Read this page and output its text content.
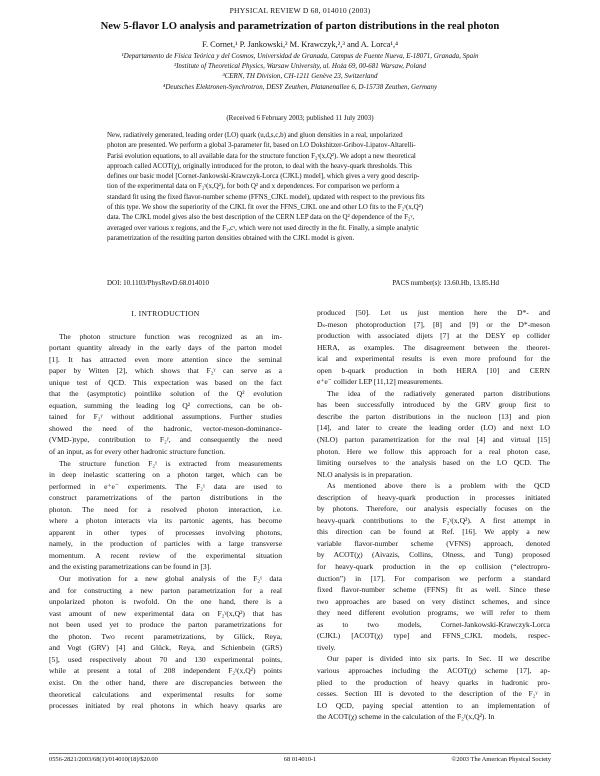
PHYSICAL REVIEW D 68, 014010 (2003)
New 5-flavor LO analysis and parametrization of parton distributions in the real photon
F. Cornet,¹ P. Jankowski,² M. Krawczyk,²,³ and A. Lorca¹,⁴
¹Departamento de Física Teórica y del Cosmos, Universidad de Granada, Campus de Fuente Nueva, E-18071, Granada, Spain
²Institute of Theoretical Physics, Warsaw University, ul. Hoża 69, 00-681 Warsaw, Poland
³CERN, TH Division, CH-1211 Genève 23, Switzerland
⁴Deutsches Elektronen-Synchrotron, DESY Zeuthen, Platanenallee 6, D-15738 Zeuthen, Germany
(Received 6 February 2003; published 11 July 2003)
New, radiatively generated, leading order (LO) quark (u,d,s,c,b) and gluon densities in a real, unpolarized
photon are presented. We perform a global 3-parameter fit, based on LO Dokshitzer-Gribov-Lipatov-Altarelli-
Parisi evolution equations, to all available data for the structure function F₂ᵞ(x,Q²). We adopt a new theoretical
approach called ACOT(χ), originally introduced for the proton, to deal with the heavy-quark thresholds. This
defines our basic model [Cornet-Jankowski-Krawczyk-Lorca (CJKL) model], which gives a very good descrip-
tion of the experimental data on F₂ᵞ(x,Q²), for both Q² and x dependences. For comparison we perform a
standard fit using the fixed flavor-number scheme (FFNS_CJKL model), updated with respect to the previous fits
of this type. We show the superiority of the CJKL fit over the FFNS_CJKL one and other LO fits to the F₂ᵞ(x,Q²)
data. The CJKL model gives also the best description of the CERN LEP data on the Q² dependence of the F₂ᵞ,
averaged over various x regions, and the F₂,cᵞ, which were not used directly in the fit. Finally, a simple analytic
parametrization of the resulting parton densities obtained with the CJKL model is given.
DOI: 10.1103/PhysRevD.68.014010	PACS number(s): 13.60.Hb, 13.85.Hd
I. INTRODUCTION
The photon structure function was recognized as an im-
portant quantity already in the early days of the parton model
[1]. It has attracted even more attention since the seminal
paper by Witten [2], which shows that F₂ᵞ can serve as a
unique test of QCD. This expectation was based on the fact
that the (asymptotic) pointlike solution of the Q² evolution
equation, summing the leading log Q² corrections, can be ob-
tained for F₂ᵞ without additional assumptions. Further studies
showed the need of the hadronic, vector-meson-dominance-
(VMD-)type, contribution to F₂ᵞ, and consequently the need
of an input, as for every other hadronic structure function.
The structure function F₂ᵞ is extracted from measurements
in deep inelastic scattering on a photon target, which can be
performed in e⁺e⁻ experiments. The F₂ᵞ data are used to
construct parametrizations of the parton distributions in the
photon. The need for a resolved photon interaction, i.e.
where a photon interacts via its partonic agents, has become
apparent in other types of processes involving photons,
namely, in the production of particles with a large transverse
momentum. A recent review of the experimental situation
and the existing parametrizations can be found in [3].
Our motivation for a new global analysis of the F₂ᵞ data
and for constructing a new parton parametrization for a real
unpolarized photon is twofold. On the one hand, there is a
vast amount of new experimental data on F₂ᵞ(x,Q²) that has
not been used yet to produce the parton parametrizations for
the photon. Two recent parametrizations, by Glück, Reya,
and Vogt (GRV) [4] and Glück, Reya, and Schienbein (GRS)
[5], used respectively about 70 and 130 experimental points,
while at present a total of 208 independent F₂ᵞ(x,Q²) points
exist. On the other hand, there are discrepancies between the
theoretical calculations and experimental results for some
processes initiated by real photons in which heavy quarks are
produced [50]. Let us just mention here the D*- and
Dₛ-meson photoproduction [7], [8] and [9] or the D*-meson
production with associated dijets [7] at the DESY ep collider
HERA, as examples. The disagreement between the theoret-
ical and experimental results is even more profound for the
open b-quark production in both HERA [10] and CERN
e⁺e⁻ collider LEP [11,12] measurements.
The idea of the radiatively generated parton distributions
has been successfully introduced by the GRV group first to
describe the parton distributions in the nucleon [13] and pion
[14], and later to create the leading order (LO) and next LO
(NLO) parton parametrization for the real [4] and virtual [15]
photon. Here we follow this approach for a real photon case,
limiting ourselves to the analysis based on the LO QCD. The
NLO analysis is in preparation.
As mentioned above there is a problem with the QCD
description of heavy-quark production in processes initiated
by photons. Therefore, our analysis especially focuses on the
heavy-quark contributions to the F₂ᵞ(x,Q²). A first attempt in
this direction can be found at Ref. [16]. We apply a new
variable flavor-number scheme (VFNS) approach, denoted
by ACOT(χ) (Aivazis, Collins, Olness, and Tung) proposed
for heavy-quark production in the ep collision (“electropro-
duction”) in [17]. For comparison we perform a standard
fixed flavor-number scheme (FFNS) fit as well. Since these
two approaches are based on very distinct schemes, and since
they need different evolution programs, we will refer to them
as to two models, Cornet-Jankowski-Krawczyk-Lorca
(CJKL) [ACOT(χ) type] and FFNS_CJKL models, respec-
tively.
Our paper is divided into six parts. In Sec. II we describe
various approaches including the ACOT(χ) scheme [17], ap-
plied to the production of heavy quarks in hadronic pro-
cesses. Section III is devoted to the description of the F₂ᵞ in
LO QCD, paying special attention to an implementation of
the ACOT(χ) scheme in the calculation of the F₂ᵞ(x,Q²). In
0556-2821/2003/68(1)/014010(18)/$20.00	68 014010-1	©2003 The American Physical Society
